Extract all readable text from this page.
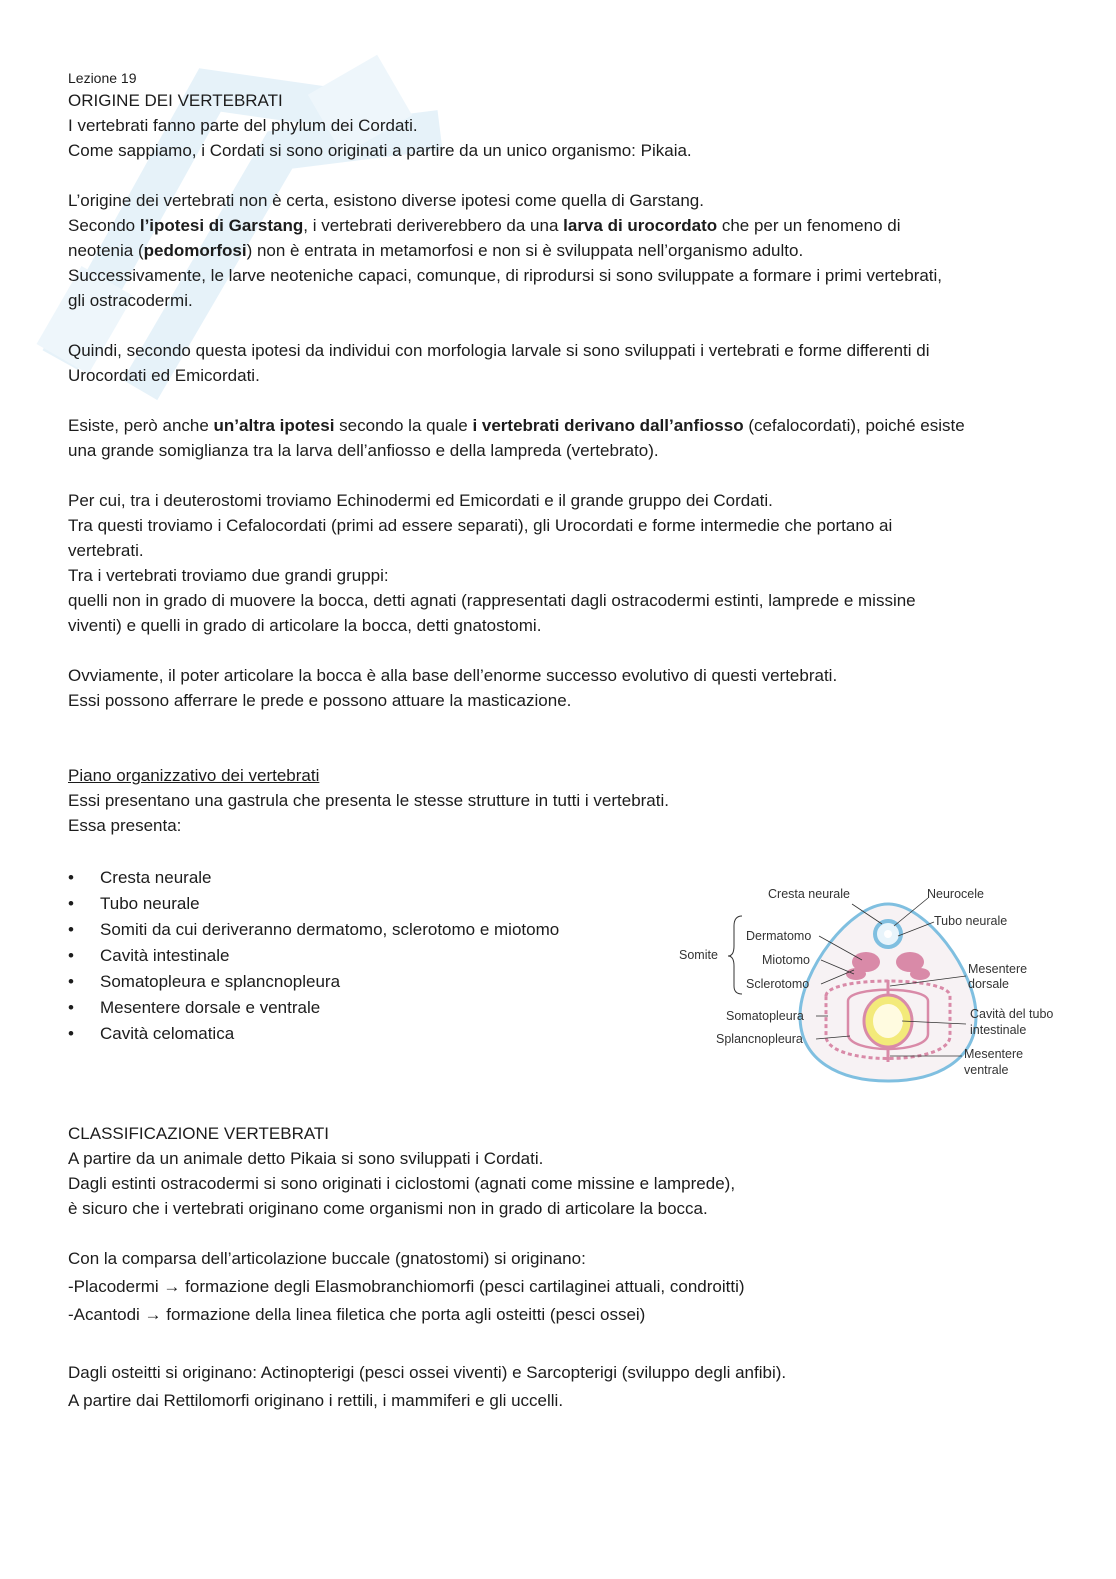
Lezione 19
ORIGINE DEI VERTEBRATI
I vertebrati fanno parte del phylum dei Cordati.
Come sappiamo, i Cordati si sono originati a partire da un unico organismo: Pikaia.
L’origine dei vertebrati non è certa, esistono diverse ipotesi come quella di Garstang.
Secondo l’ipotesi di Garstang, i vertebrati deriverebbero da una larva di urocordato che per un fenomeno di
neotenia (pedomorfosi) non è entrata in metamorfosi e non si è sviluppata nell’organismo adulto.
Successivamente, le larve neoteniche capaci, comunque, di riprodursi si sono sviluppate a formare i primi vertebrati,
gli ostracodermi.
Quindi, secondo questa ipotesi da individui con morfologia larvale si sono sviluppati i vertebrati e forme differenti di
Urocordati ed Emicordati.
Esiste, però anche un’altra ipotesi secondo la quale i vertebrati derivano dall’anfiosso (cefalocordati), poiché esiste
una grande somiglianza tra la larva dell’anfiosso e della lampreda (vertebrato).
Per cui, tra i deuterostomi troviamo Echinodermi ed Emicordati e il grande gruppo dei Cordati.
Tra questi troviamo i Cefalocordati (primi ad essere separati), gli Urocordati e forme intermedie che portano ai
vertebrati.
Tra i vertebrati troviamo due grandi gruppi:
quelli non in grado di muovere la bocca, detti agnati (rappresentati dagli ostracodermi estinti, lamprede e missine
viventi) e quelli in grado di articolare la bocca, detti gnatostomi.
Ovviamente, il poter articolare la bocca è alla base dell’enorme successo evolutivo di questi vertebrati.
Essi possono afferrare le prede e possono attuare la masticazione.
Piano organizzativo dei vertebrati
Essi presentano una gastrula che presenta le stesse strutture in tutti i vertebrati.
Essa presenta:
Cresta neurale
Tubo neurale
Somiti da cui deriveranno dermatomo, sclerotomo e miotomo
Cavità intestinale
Somatopleura e splancnopleura
Mesentere dorsale e ventrale
Cavità celomatica
Cresta neurale	Neurocele
Tubo neurale
Somite
Dermatomo
Miotomo
Sclerotomo
Mesentere
dorsale
Somatopleura	Cavità del tubo
intestinale
Splancnopleura
Mesentere
ventrale
CLASSIFICAZIONE VERTEBRATI
A partire da un animale detto Pikaia si sono sviluppati i Cordati.
Dagli estinti ostracodermi si sono originati i ciclostomi (agnati come missine e lamprede),
è sicuro che i vertebrati originano come organismi non in grado di articolare la bocca.
Con la comparsa dell’articolazione buccale (gnatostomi) si originano:
-Placodermi → formazione degli Elasmobranchiomorfi (pesci cartilaginei attuali, condroitti)
-Acantodi → formazione della linea filetica che porta agli osteitti (pesci ossei)
Dagli osteitti si originano: Actinopterigi (pesci ossei viventi) e Sarcopterigi (sviluppo degli anfibi).
A partire dai Rettilomorfi originano i rettili, i mammiferi e gli uccelli.
